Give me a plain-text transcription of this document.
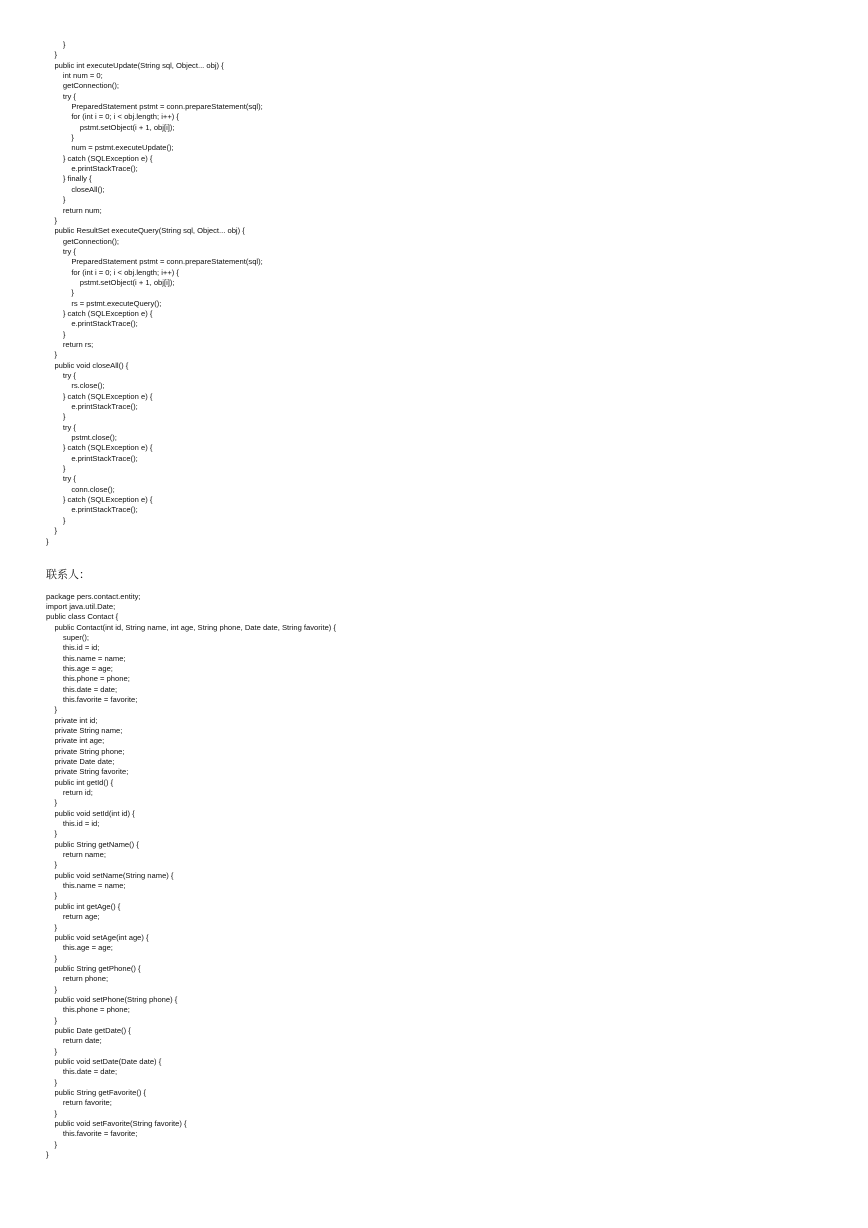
}
}
public int executeUpdate(String sql, Object... obj) {
int num = 0;
getConnection();
try {
PreparedStatement pstmt = conn.prepareStatement(sql);
for (int i = 0; i < obj.length; i++) {
pstmt.setObject(i + 1, obj[i]);
}
num = pstmt.executeUpdate();
} catch (SQLException e) {
e.printStackTrace();
} finally {
closeAll();
}
return num;
}
public ResultSet executeQuery(String sql, Object... obj) {
getConnection();
try {
PreparedStatement pstmt = conn.prepareStatement(sql);
for (int i = 0; i < obj.length; i++) {
pstmt.setObject(i + 1, obj[i]);
}
rs = pstmt.executeQuery();
} catch (SQLException e) {
e.printStackTrace();
}
return rs;
}
public void closeAll() {
try {
rs.close();
} catch (SQLException e) {
e.printStackTrace();
}
try {
pstmt.close();
} catch (SQLException e) {
e.printStackTrace();
}
try {
conn.close();
} catch (SQLException e) {
e.printStackTrace();
}
}
}
联系人：
package pers.contact.entity;
import java.util.Date;
public class Contact {
public Contact(int id, String name, int age, String phone, Date date, String favorite) {
super();
this.id = id;
this.name = name;
this.age = age;
this.phone = phone;
this.date = date;
this.favorite = favorite;
}
private int id;
private String name;
private int age;
private String phone;
private Date date;
private String favorite;
public int getId() {
return id;
}
public void setId(int id) {
this.id = id;
}
public String getName() {
return name;
}
public void setName(String name) {
this.name = name;
}
public int getAge() {
return age;
}
public void setAge(int age) {
this.age = age;
}
public String getPhone() {
return phone;
}
public void setPhone(String phone) {
this.phone = phone;
}
public Date getDate() {
return date;
}
public void setDate(Date date) {
this.date = date;
}
public String getFavorite() {
return favorite;
}
public void setFavorite(String favorite) {
this.favorite = favorite;
}
}
